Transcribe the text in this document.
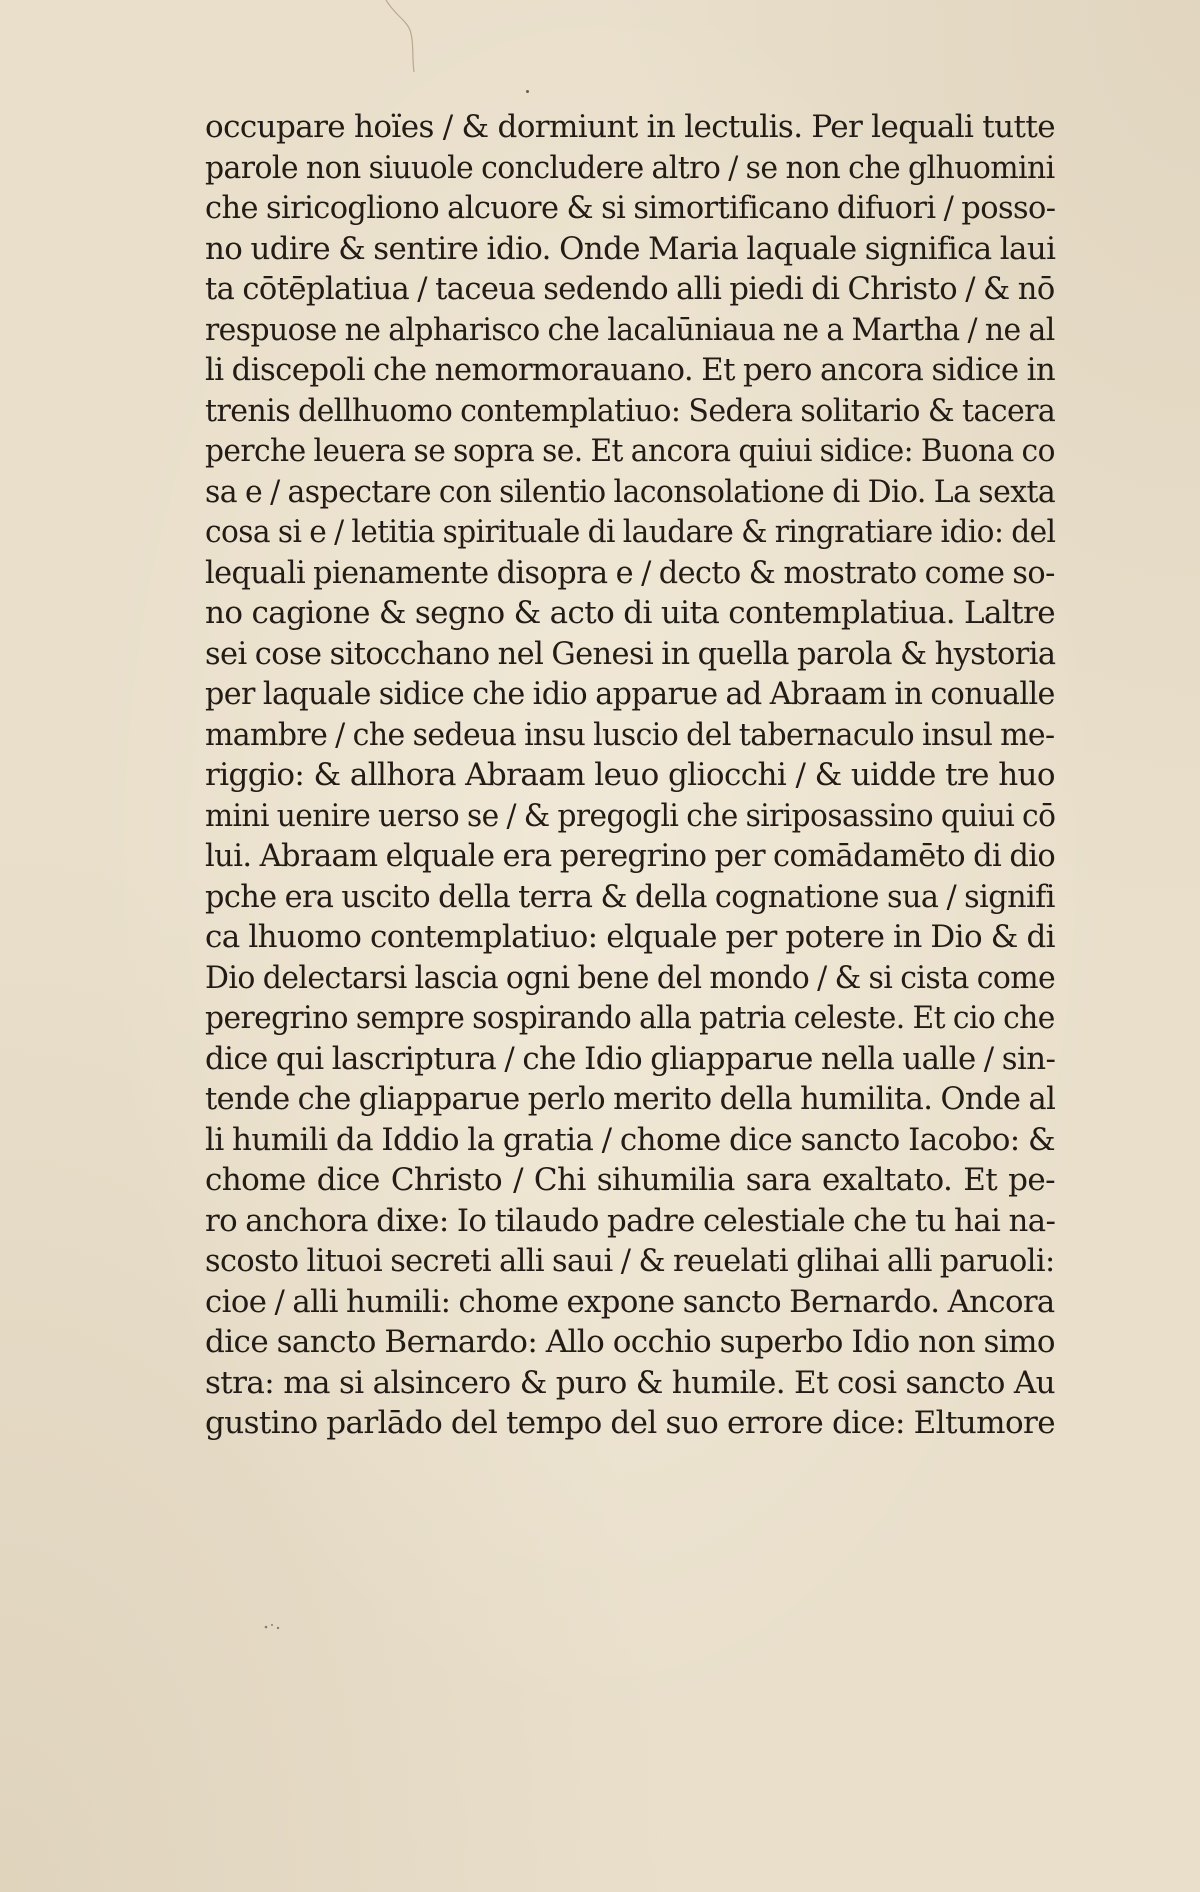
occupare hoïes / & dormiunt in lectulis. Per lequali tutte
parole non siuuole concludere altro / se non che glhuomini
che siricogliono alcuore & si simortificano difuori / posso-
no udire & sentire idio. Onde Maria laquale significa laui
ta cōtēplatiua / taceua sedendo alli piedi di Christo / & nō
respuose ne alpharisco che lacalūniaua ne a Martha / ne al
li discepoli che nemormorauano. Et pero ancora sidice in
trenis dellhuomo contemplatiuo: Sedera solitario & tacera
perche leuera se sopra se. Et ancora quiui sidice: Buona co
sa e / aspectare con silentio laconsolatione di Dio. La sexta
cosa si e / letitia spirituale di laudare & ringratiare idio: del
lequali pienamente disopra e / decto & mostrato come so-
no cagione & segno & acto di uita contemplatiua. Laltre
sei cose sitocchano nel Genesi in quella parola & hystoria
per laquale sidice che idio apparue ad Abraam in conualle
mambre / che sedeua insu luscio del tabernaculo insul me-
riggio: & allhora Abraam leuo gliocchi / & uidde tre huo
mini uenire uerso se / & pregogli che siriposassino quiui cō
lui. Abraam elquale era peregrino per comādamēto di dio
pche era uscito della terra & della cognatione sua / signifi
ca lhuomo contemplatiuo: elquale per potere in Dio & di
Dio delectarsi lascia ogni bene del mondo / & si cista come
peregrino sempre sospirando alla patria celeste. Et cio che
dice qui lascriptura / che Idio gliapparue nella ualle / sin-
tende che gliapparue perlo merito della humilita. Onde al
li humili da Iddio la gratia / chome dice sancto Iacobo: &
chome dice Christo / Chi sihumilia sara exaltato. Et pe-
ro anchora dixe: Io tilaudo padre celestiale che tu hai na-
scosto lituoi secreti alli saui / & reuelati glihai alli paruoli:
cioe / alli humili: chome expone sancto Bernardo. Ancora
dice sancto Bernardo: Allo occhio superbo Idio non simo
stra: ma si alsincero & puro & humile. Et cosi sancto Au
gustino parlādo del tempo del suo errore dice: Eltumore
